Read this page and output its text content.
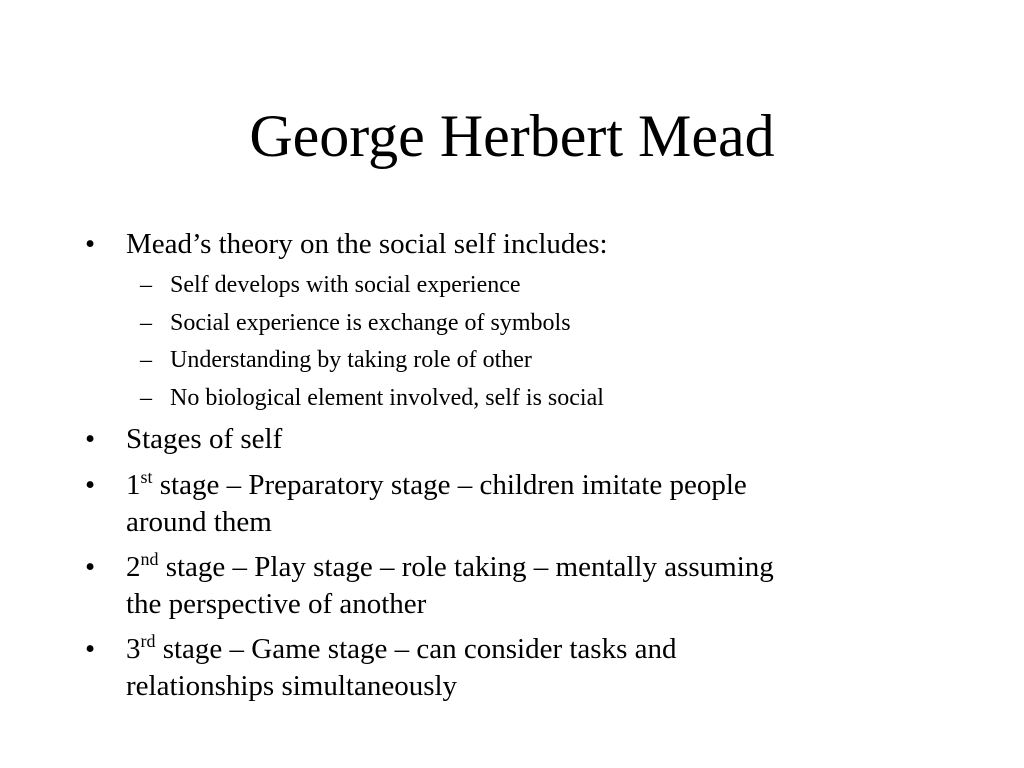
George Herbert Mead
• Mead’s theory on the social self includes:
– Self develops with social experience
– Social experience is exchange of symbols
– Understanding by taking role of other
– No biological element involved, self is social
• Stages of self
• 1st stage – Preparatory stage – children imitate people
around them
• 2nd stage – Play stage – role taking – mentally assuming
the perspective of another
• 3rd stage – Game stage – can consider tasks and
relationships simultaneously
